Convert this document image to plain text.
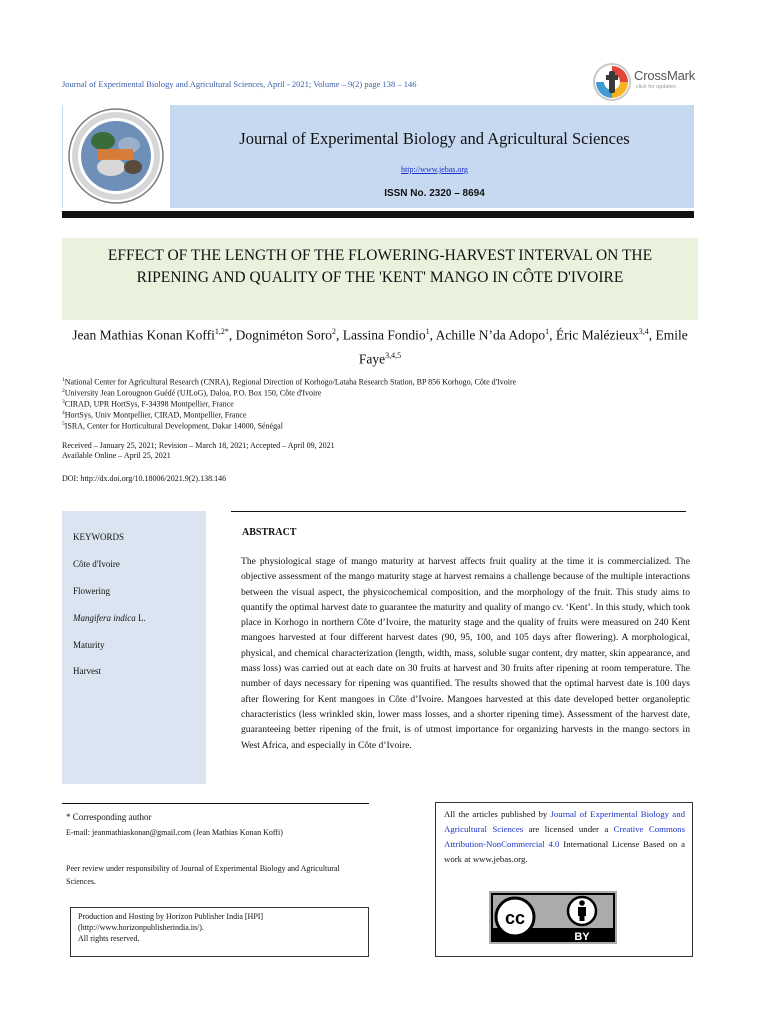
Journal of Experimental Biology and Agricultural Sciences, April - 2021; Volume – 9(2) page 138 – 146
CrossMark
click for updates
Journal of Experimental Biology and Agricultural Sciences
http://www.jebas.org
ISSN No. 2320 – 8694
EFFECT OF THE LENGTH OF THE FLOWERING-HARVEST INTERVAL ON THE
RIPENING AND QUALITY OF THE 'KENT' MANGO IN CÔTE D'IVOIRE
Jean Mathias Konan Koffi$^{1,2*}$, Dogniméton Soro$^2$, Lassina Fondio$^1$, Achille N’da Adopo$^1$, Éric Malézieux$^{3,4}$, Emile Faye$^{3,4,5}$
$^1$National Center for Agricultural Research (CNRA), Regional Direction of Korhogo/Lataha Research Station, BP 856 Korhogo, Côte d'Ivoire
$^2$University Jean Lorougnon Guédé (UJLoG), Daloa, P.O. Box 150, Côte d'Ivoire
$^3$CIRAD, UPR HortSys, F-34398 Montpellier, France
$^4$HortSys, Univ Montpellier, CIRAD, Montpellier, France
$^5$ISRA, Center for Horticultural Development, Dakar 14000, Sénégal
Received – January 25, 2021; Revision – March 18, 2021; Accepted – April 09, 2021
Available Online – April 25, 2021
DOI: http://dx.doi.org/10.18006/2021.9(2).138.146
KEYWORDS
Côte d'Ivoire
Flowering
Mangifera indica L.
Maturity
Harvest
ABSTRACT
The physiological stage of mango maturity at harvest affects fruit quality at the time it is commercialized. The objective assessment of the mango maturity stage at harvest remains a challenge because of the multiple interactions between the visual aspect, the physicochemical composition, and the morphology of the fruit. This study aims to quantify the optimal harvest date to guarantee the maturity and quality of mango cv. ‘Kent’. In this study, which took place in Korhogo in northern Côte d’Ivoire, the maturity stage and the quality of fruits were measured on 240 Kent mangoes harvested at four different harvest dates (90, 95, 100, and 105 days after flowering). A morphological, physical, and chemical characterization (length, width, mass, soluble sugar content, dry matter, skin appearance, and mass loss) was carried out at each date on 30 fruits at harvest and 30 fruits after ripening at room temperature. The number of days necessary for ripening was quantified. The results showed that the optimal harvest date is 100 days after flowering for Kent mangoes in Côte d’Ivoire. Mangoes harvested at this date developed better organoleptic characteristics (less wrinkled skin, lower mass losses, and a shorter ripening time). Assessment of the harvest date, guaranteeing better ripening of the fruit, is of utmost importance for organizing harvests in the mango sectors in West Africa, and especially in Côte d’Ivoire.
* Corresponding author
E-mail: jeanmathiaskonan@gmail.com (Jean Mathias Konan Koffi)
Peer review under responsibility of Journal of Experimental Biology and Agricultural Sciences.
Production and Hosting by Horizon Publisher India [HPI]
(http://www.horizonpublisherindia.in/).
All rights reserved.
All the articles published by Journal of Experimental Biology and Agricultural Sciences are licensed under a Creative Commons Attribution-NonCommercial 4.0 International License Based on a work at www.jebas.org.
cc
BY
